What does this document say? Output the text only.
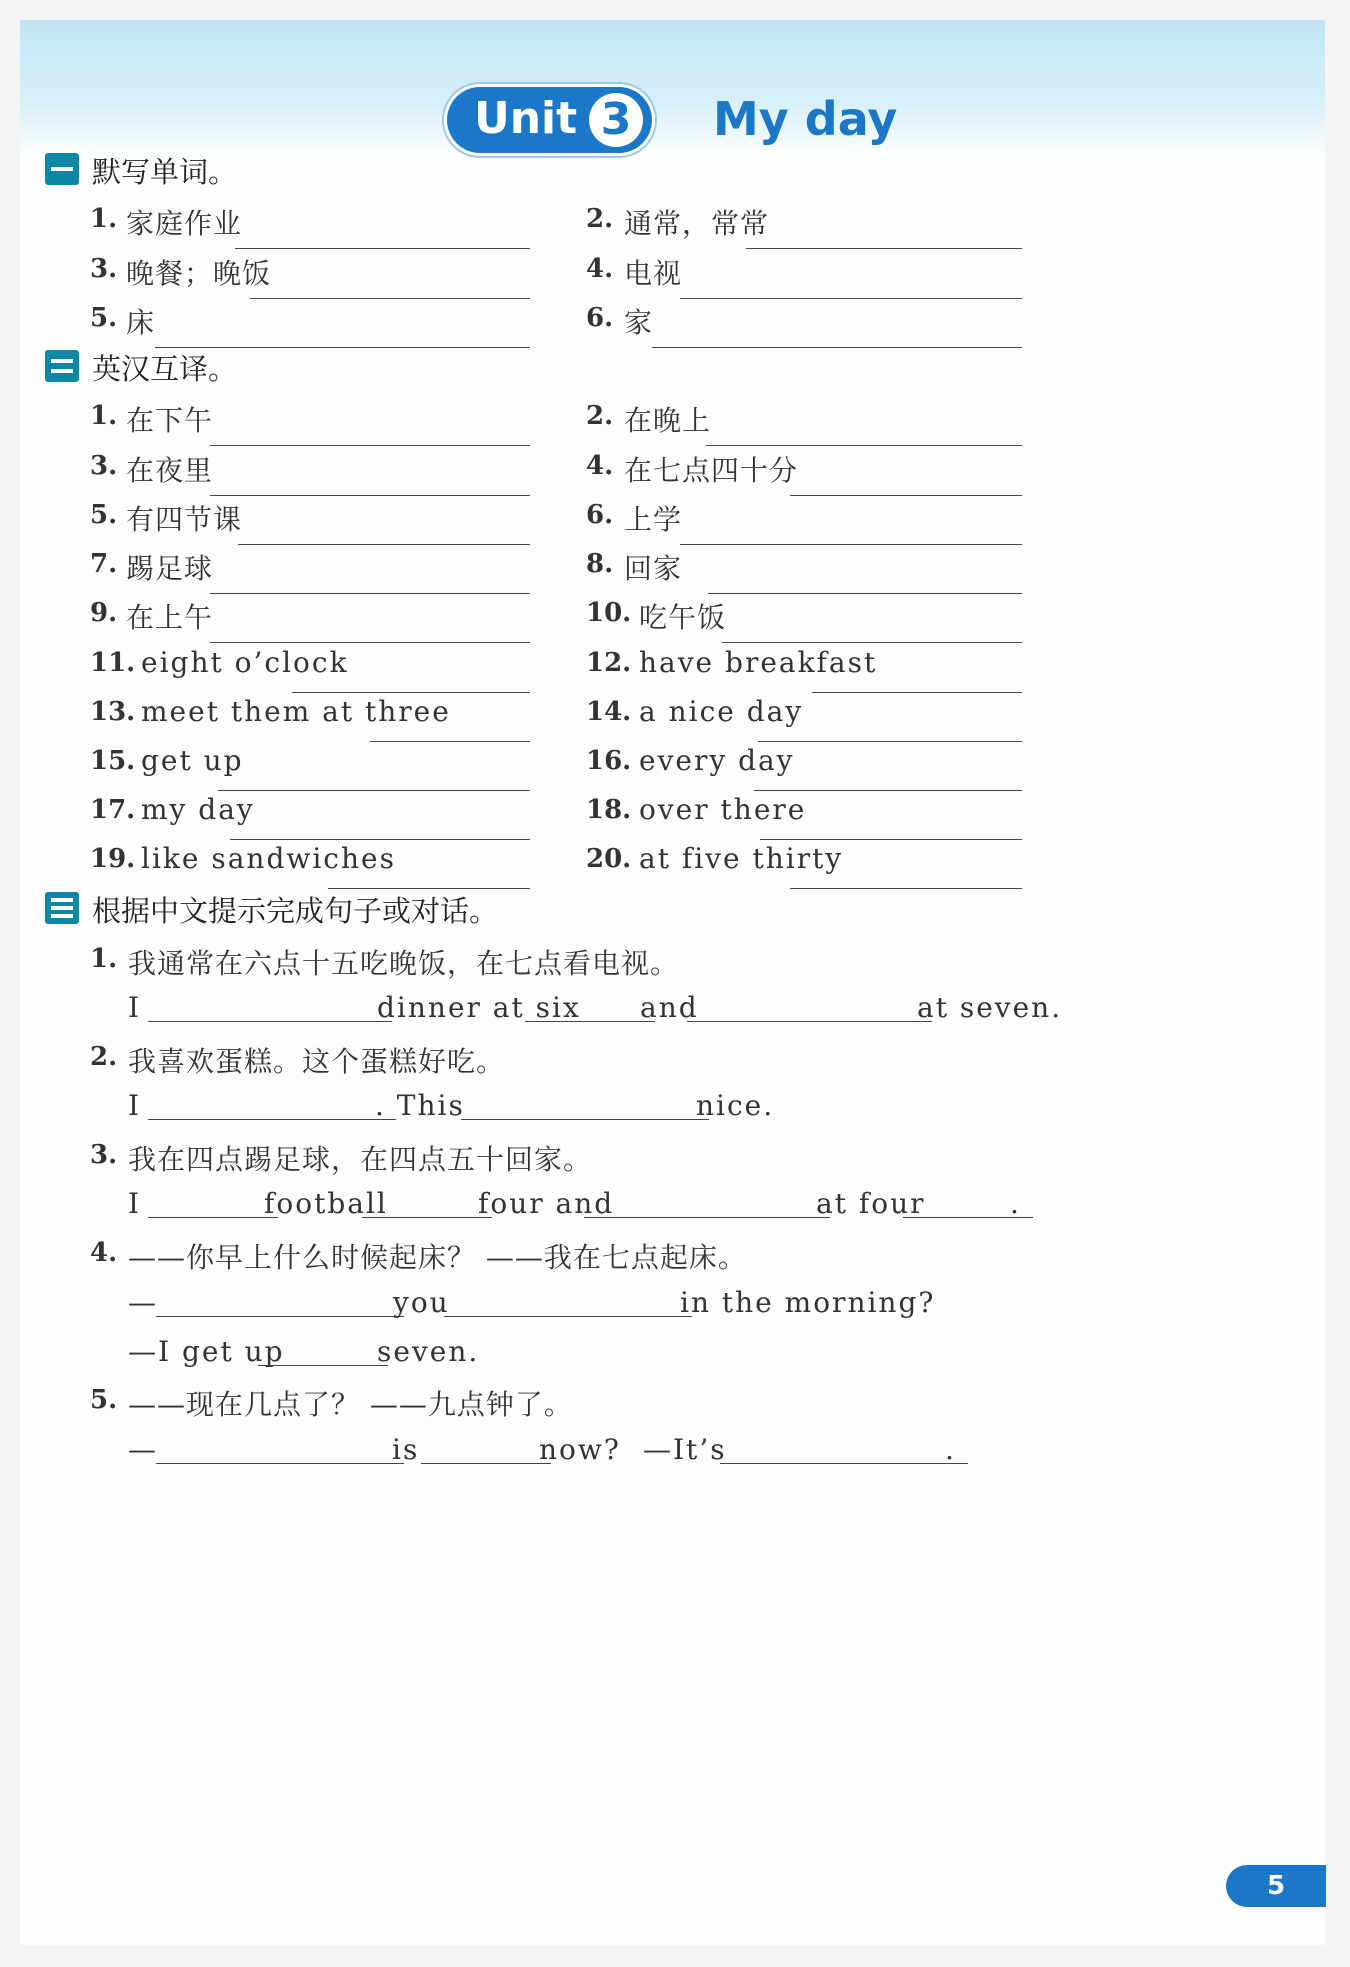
Unit 3 My day
默写单词。
1. 家庭作业	2. 通常，常常
3. 晚餐；晚饭	4. 电视
5. 床	6. 家
英汉互译。
1. 在下午	2. 在晚上
3. 在夜里	4. 在七点四十分
5. 有四节课	6. 上学
7. 踢足球	8. 回家
9. 在上午	10. 吃午饭
11. eight o’clock	12. have breakfast
13. meet them at three	14. a nice day
15. get up	16. every day
17. my day	18. over there
19. like sandwiches	20. at five thirty
根据中文提示完成句子或对话。
1. 我通常在六点十五吃晚饭，在七点看电视。
I	dinner at six and	at seven.
2. 我喜欢蛋糕。这个蛋糕好吃。
I	. This	nice.
3. 我在四点踢足球，在四点五十回家。
I	football	four and	at four	.
4. ——你早上什么时候起床？ ——我在七点起床。
—	you	in the morning?
—I get up	seven.
5. ——现在几点了？ ——九点钟了。
—	is	now? —It’s	.
5
